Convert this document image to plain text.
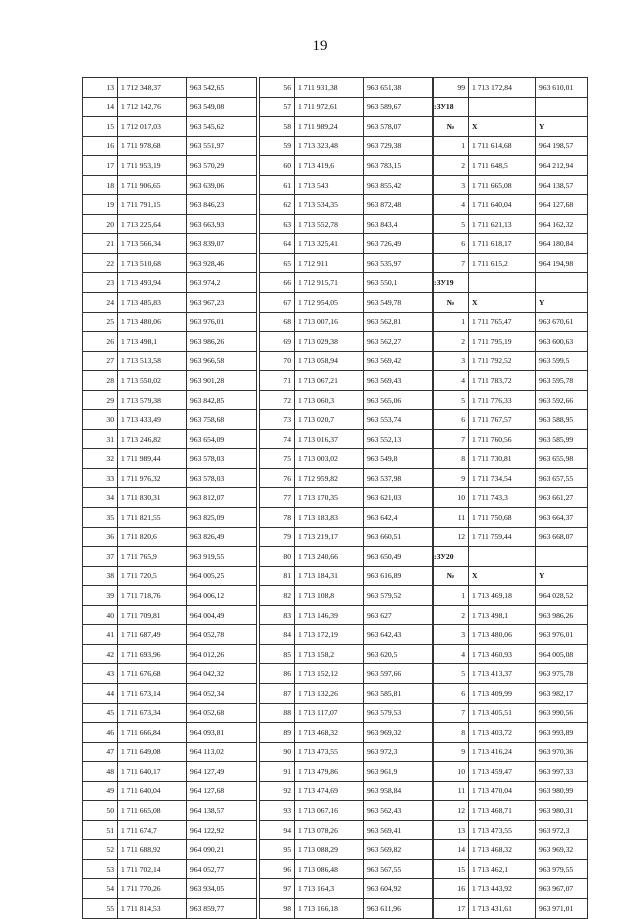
19
13	1 712 348,37	963 542,65
14	1 712 142,76	963 549,08
15	1 712 017,03	963 545,62
16	1 711 978,68	963 551,97
17	1 711 953,19	963 570,29
18	1 711 906,65	963 639,06
19	1 711 791,15	963 846,23
20	1 713 225,64	963 663,93
21	1 713 566,34	963 839,07
22	1 713 510,68	963 928,46
23	1 713 493,94	963 974,2
24	1 713 485,83	963 967,23
25	1 713 480,06	963 976,01
26	1 713 498,1	963 986,26
27	1 713 513,58	963 966,58
28	1 713 550,02	963 901,28
29	1 713 579,38	963 842,85
30	1 713 433,49	963 758,68
31	1 713 246,82	963 654,09
32	1 711 989,44	963 578,03
33	1 711 976,32	963 578,03
34	1 711 830,31	963 812,07
35	1 711 821,55	963 825,09
36	1 711 820,6	963 826,49
37	1 711 765,9	963 919,55
38	1 711 720,5	964 005,25
39	1 711 718,76	964 006,12
40	1 711 709,81	964 004,49
41	1 711 687,49	964 052,78
42	1 711 693,96	964 012,26
43	1 711 676,68	964 042,32
44	1 711 673,14	964 052,34
45	1 711 673,34	964 052,68
46	1 711 666,84	964 093,81
47	1 711 649,08	964 113,02
48	1 711 640,17	964 127,49
49	1 711 640,04	964 127,68
50	1 711 665,08	964 138,57
51	1 711 674,7	964 122,92
52	1 711 688,92	964 090,21
53	1 711 702,14	964 052,77
54	1 711 770,26	963 934,05
55	1 711 814,53	963 859,77
56	1 711 931,38	963 651,38
57	1 711 972,61	963 589,67
58	1 711 989,24	963 578,07
59	1 713 323,48	963 729,38
60	1 713 419,6	963 783,15
61	1 713 543	963 855,42
62	1 713 534,35	963 872,48
63	1 713 552,78	963 843,4
64	1 713 325,41	963 726,49
65	1 712 911	963 535,97
66	1 712 915,71	963 550,1
67	1 712 954,05	963 549,78
68	1 713 007,16	963 562,81
69	1 713 029,38	963 562,27
70	1 713 058,94	963 569,42
71	1 713 067,21	963 569,43
72	1 713 060,3	963 565,06
73	1 713 020,7	963 553,74
74	1 713 016,37	963 552,13
75	1 713 003,02	963 549,8
76	1 712 959,82	963 537,98
77	1 713 170,35	963 621,03
78	1 713 183,83	963 642,4
79	1 713 219,17	963 660,51
80	1 713 240,66	963 650,49
81	1 713 184,31	963 616,89
82	1 713 108,8	963 579,52
83	1 713 146,39	963 627
84	1 713 172,19	963 642,43
85	1 713 158,2	963 620,5
86	1 713 152,12	963 597,66
87	1 713 132,26	963 585,81
88	1 713 117,07	963 579,53
89	1 713 468,32	963 969,32
90	1 713 473,55	963 972,3
91	1 713 479,86	963 961,9
92	1 713 474,69	963 958,84
93	1 713 067,16	963 562,43
94	1 713 078,26	963 569,41
95	1 713 088,29	963 569,82
96	1 713 086,48	963 567,55
97	1 713 164,3	963 604,92
98	1 713 166,18	963 611,96
99	1 713 172,84	963 610,01
:ЗУ18		
№	X	Y
1	1 711 614,68	964 198,57
2	1 711 648,5	964 212,94
3	1 711 665,08	964 138,57
4	1 711 640,04	964 127,68
5	1 711 621,13	964 162,32
6	1 711 618,17	964 180,84
7	1 711 615,2	964 194,98
:ЗУ19		
№	X	Y
1	1 711 765,47	963 670,61
2	1 711 795,19	963 600,63
3	1 711 792,52	963 599,5
4	1 711 783,72	963 595,78
5	1 711 776,33	963 592,66
6	1 711 767,57	963 588,95
7	1 711 760,56	963 585,99
8	1 711 730,81	963 655,98
9	1 711 734,54	963 657,55
10	1 711 743,3	963 661,27
11	1 711 750,68	963 664,37
12	1 711 759,44	963 668,07
:ЗУ20		
№	X	Y
1	1 713 469,18	964 028,52
2	1 713 498,1	963 986,26
3	1 713 480,06	963 976,01
4	1 713 460,93	964 005,08
5	1 713 413,37	963 975,78
6	1 713 409,99	963 982,17
7	1 713 405,51	963 990,56
8	1 713 403,72	963 993,89
9	1 713 416,24	963 970,36
10	1 713 459,47	963 997,33
11	1 713 470,04	963 980,99
12	1 713 468,71	963 980,31
13	1 713 473,55	963 972,3
14	1 713 468,32	963 969,32
15	1 713 462,1	963 979,55
16	1 713 443,92	963 967,07
17	1 713 431,61	963 971,01
